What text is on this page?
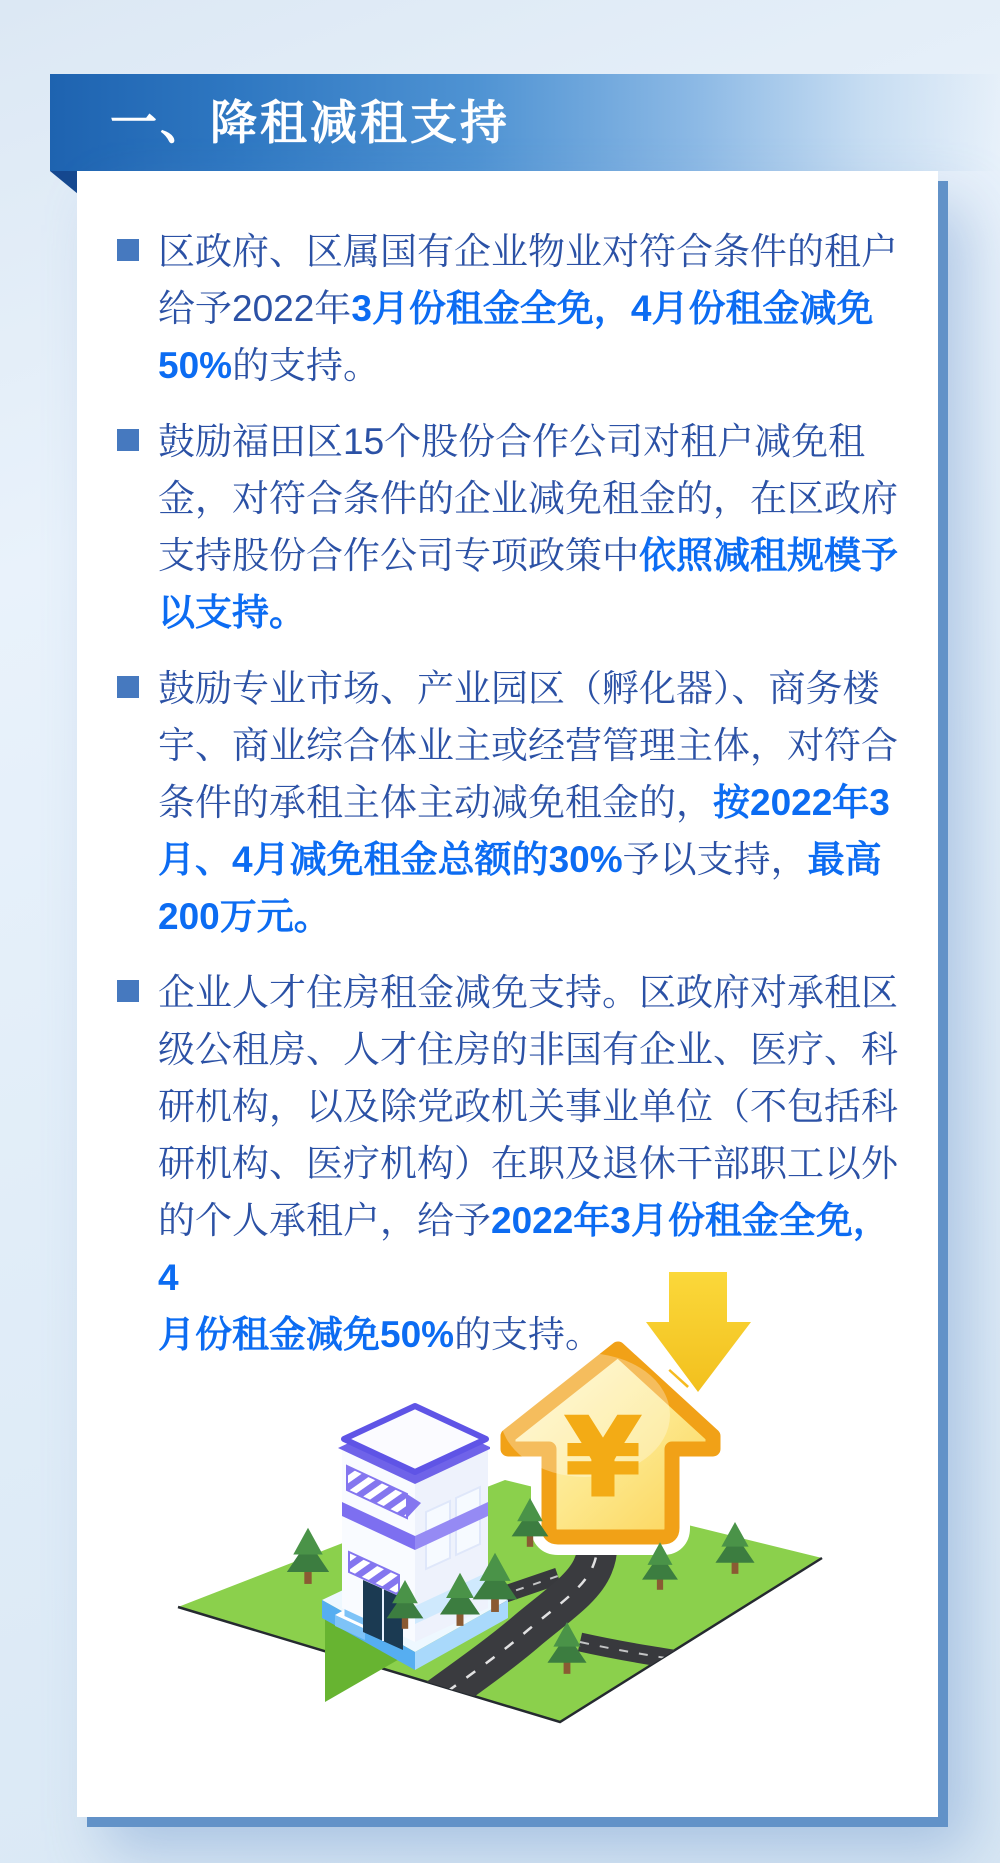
一、降租减租支持
区政府、区属国有企业物业对符合条件的租户
给予2022年3月份租金全免，4月份租金减免
50%的支持。
鼓励福田区15个股份合作公司对租户减免租
金，对符合条件的企业减免租金的，在区政府
支持股份合作公司专项政策中依照减租规模予
以支持。
鼓励专业市场、产业园区（孵化器）、商务楼
宇、商业综合体业主或经营管理主体，对符合
条件的承租主体主动减免租金的，按2022年3
月、4月减免租金总额的30%予以支持，最高
200万元。
企业人才住房租金减免支持。区政府对承租区
级公租房、人才住房的非国有企业、医疗、科
研机构，以及除党政机关事业单位（不包括科
研机构、医疗机构）在职及退休干部职工以外
的个人承租户，给予2022年3月份租金全免，4
月份租金减免50%的支持。
¥
